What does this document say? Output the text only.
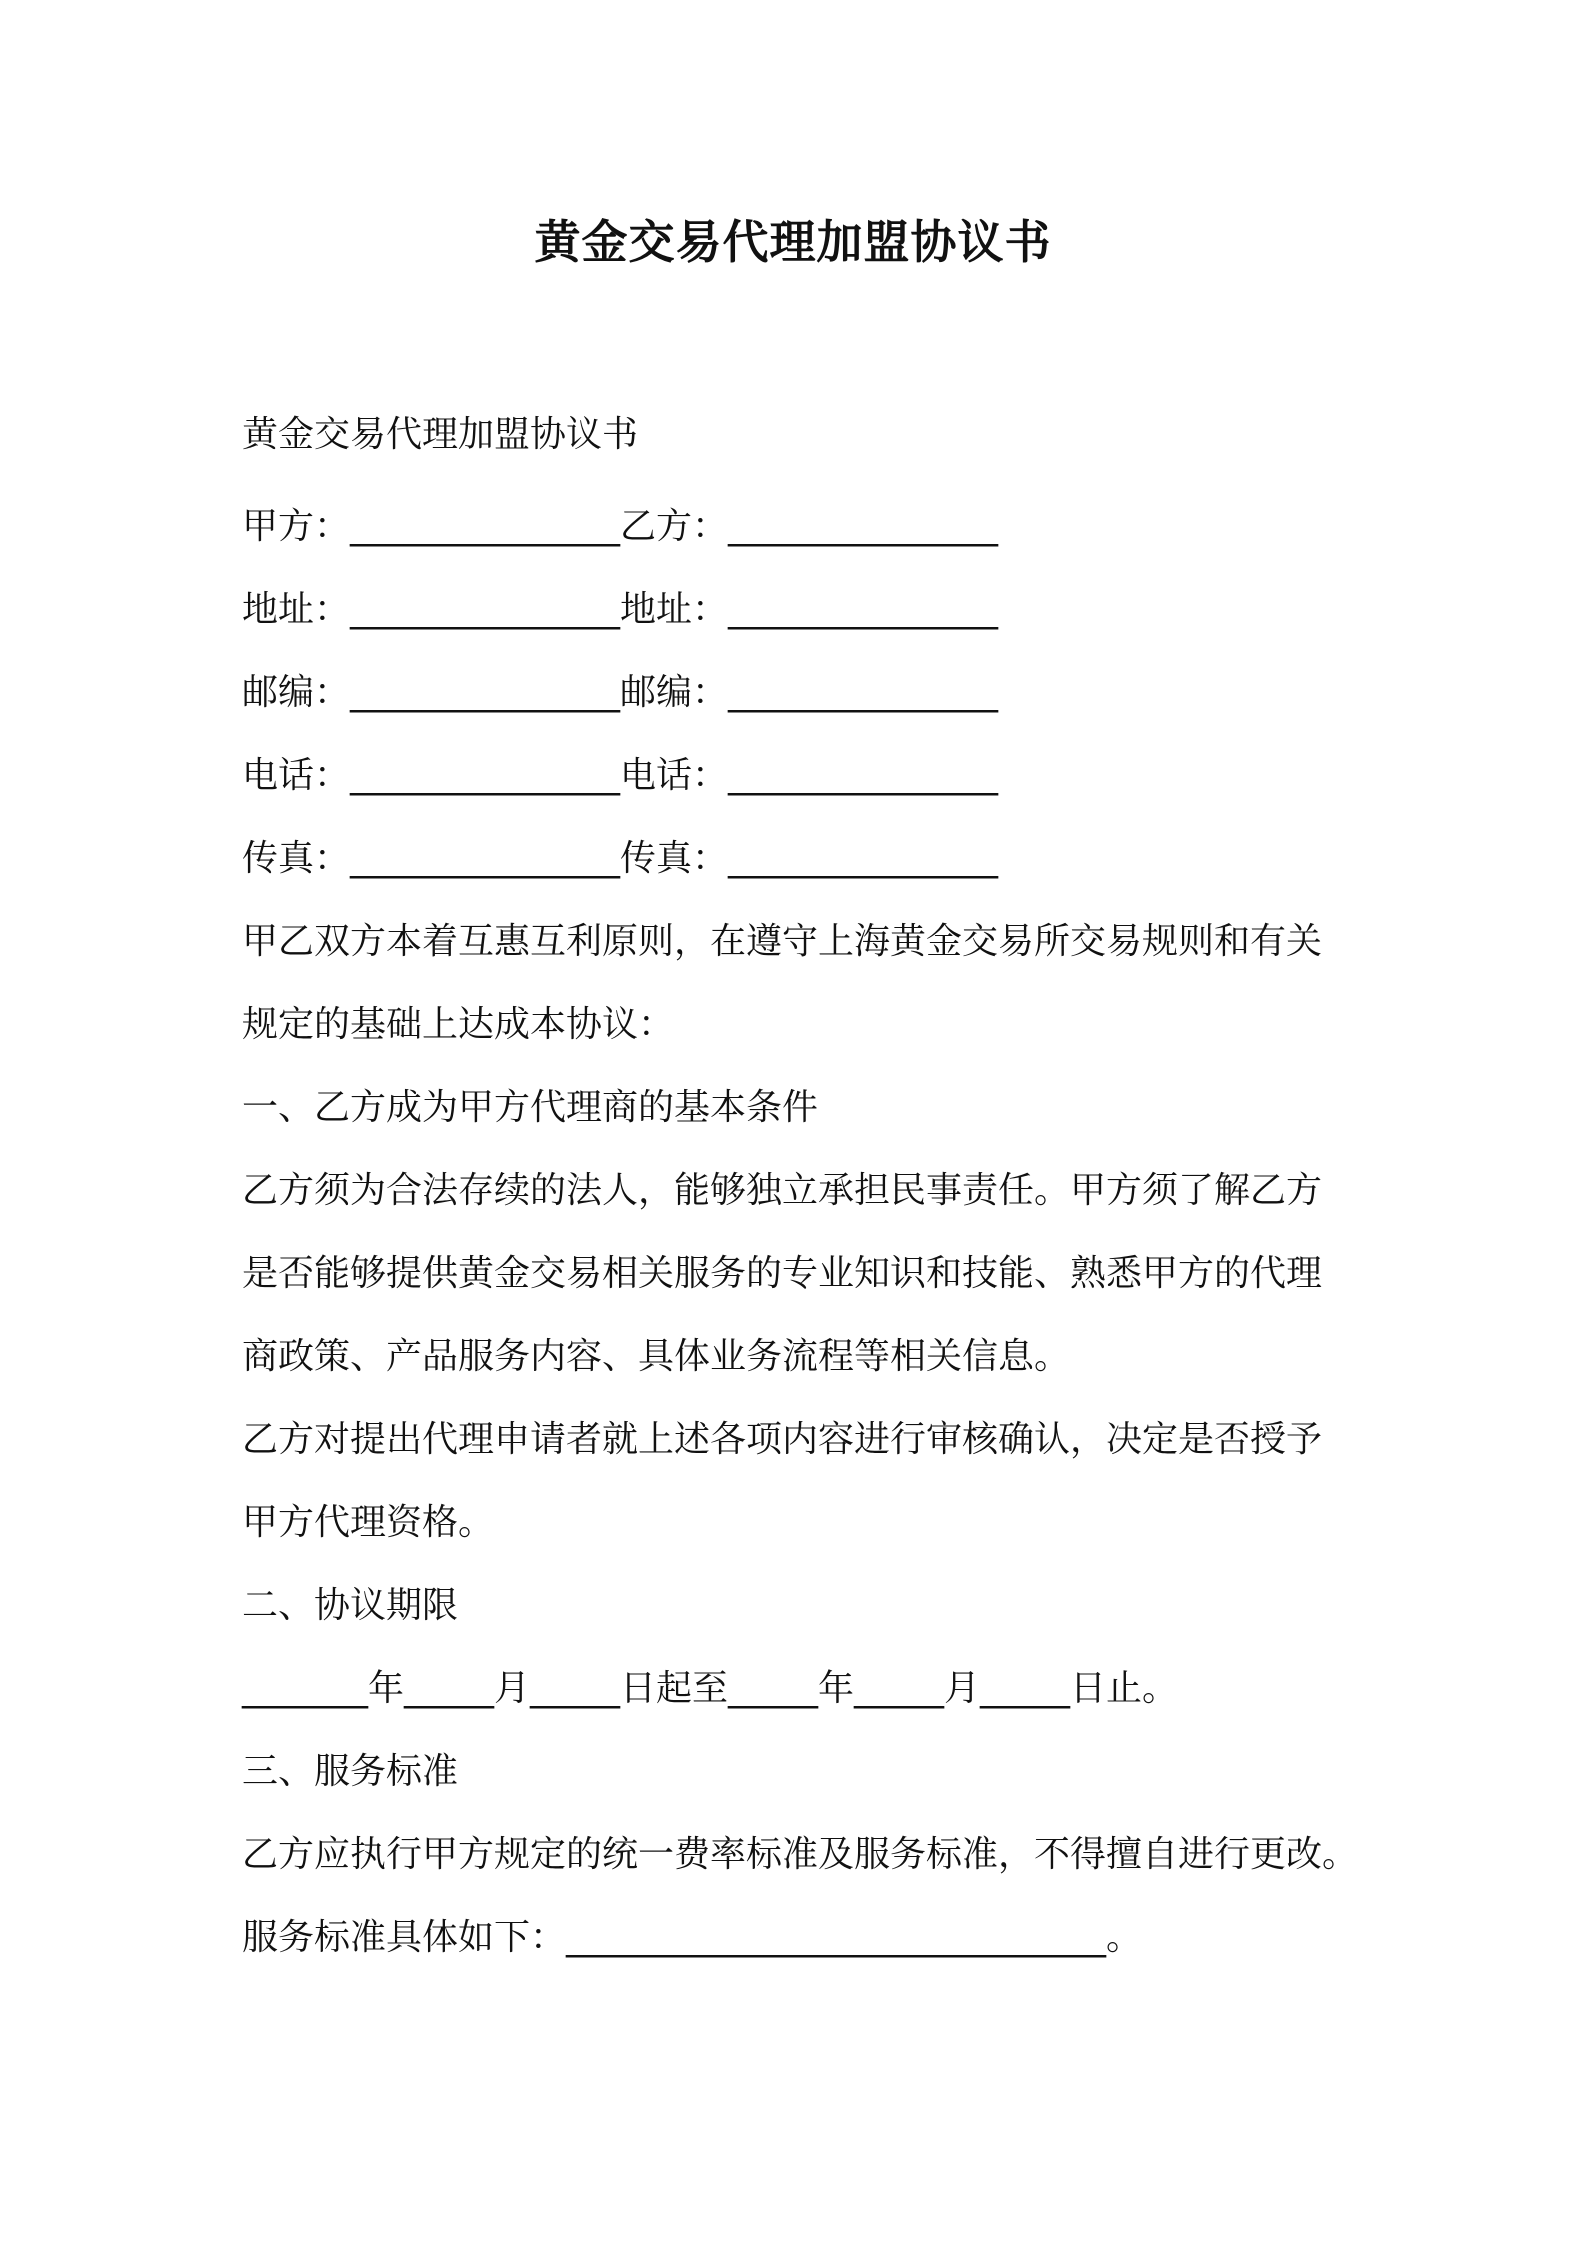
黄金交易代理加盟协议书
黄金交易代理加盟协议书
甲方：_______________乙方：_______________
地址：_______________地址：_______________
邮编：_______________邮编：_______________
电话：_______________电话：_______________
传真：_______________传真：_______________
甲乙双方本着互惠互利原则，在遵守上海黄金交易所交易规则和有关
规定的基础上达成本协议：
一、乙方成为甲方代理商的基本条件
乙方须为合法存续的法人，能够独立承担民事责任。甲方须了解乙方
是否能够提供黄金交易相关服务的专业知识和技能、熟悉甲方的代理
商政策、产品服务内容、具体业务流程等相关信息。
乙方对提出代理申请者就上述各项内容进行审核确认，决定是否授予
甲方代理资格。
二、协议期限
_______年_____月_____日起至_____年_____月_____日止。
三、服务标准
乙方应执行甲方规定的统一费率标准及服务标准，不得擅自进行更改。
服务标准具体如下：______________________________。
